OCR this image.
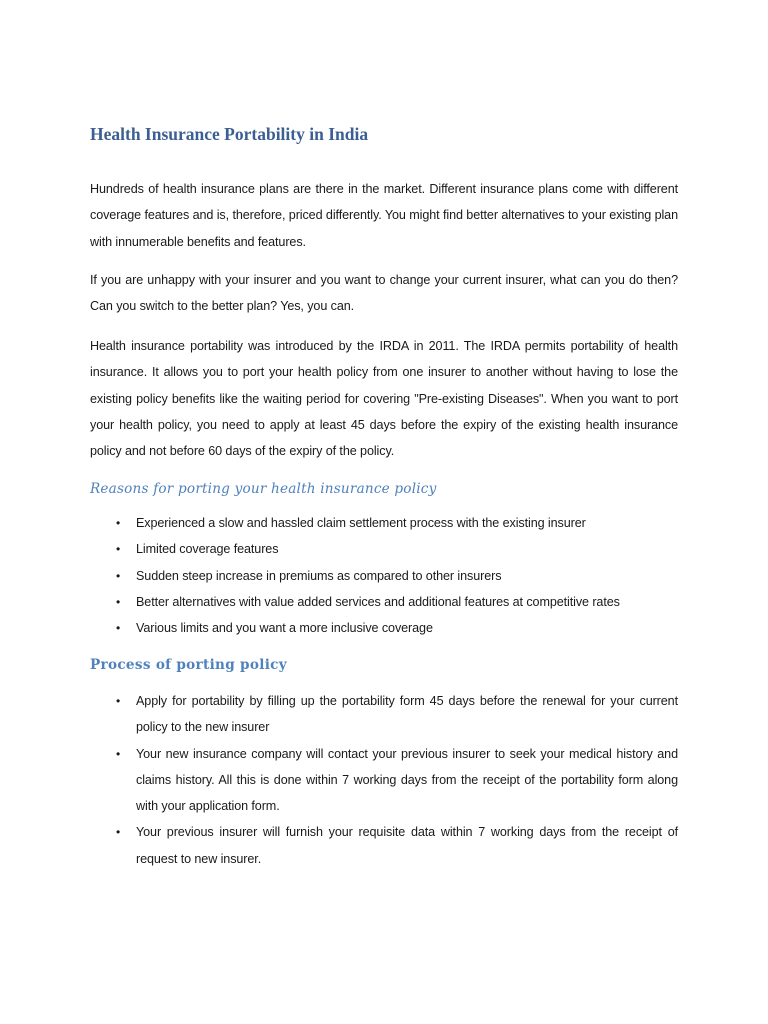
Health Insurance Portability in India

Hundreds of health insurance plans are there in the market. Different insurance plans come with different coverage features and is, therefore, priced differently. You might find better alternatives to your existing plan with innumerable benefits and features.

If you are unhappy with your insurer and you want to change your current insurer, what can you do then? Can you switch to the better plan? Yes, you can.

Health insurance portability was introduced by the IRDA in 2011. The IRDA permits portability of health insurance. It allows you to port your health policy from one insurer to another without having to lose the existing policy benefits like the waiting period for covering "Pre-existing Diseases". When you want to port your health policy, you need to apply at least 45 days before the expiry of the existing health insurance policy and not before 60 days of the expiry of the policy.

Reasons for porting your health insurance policy
• Experienced a slow and hassled claim settlement process with the existing insurer
• Limited coverage features
• Sudden steep increase in premiums as compared to other insurers
• Better alternatives with value added services and additional features at competitive rates
• Various limits and you want a more inclusive coverage
Process of porting policy
• Apply for portability by filling up the portability form 45 days before the renewal for your current policy to the new insurer
• Your new insurance company will contact your previous insurer to seek your medical history and claims history. All this is done within 7 working days from the receipt of the portability form along with your application form.
• Your previous insurer will furnish your requisite data within 7 working days from the receipt of request to new insurer.
